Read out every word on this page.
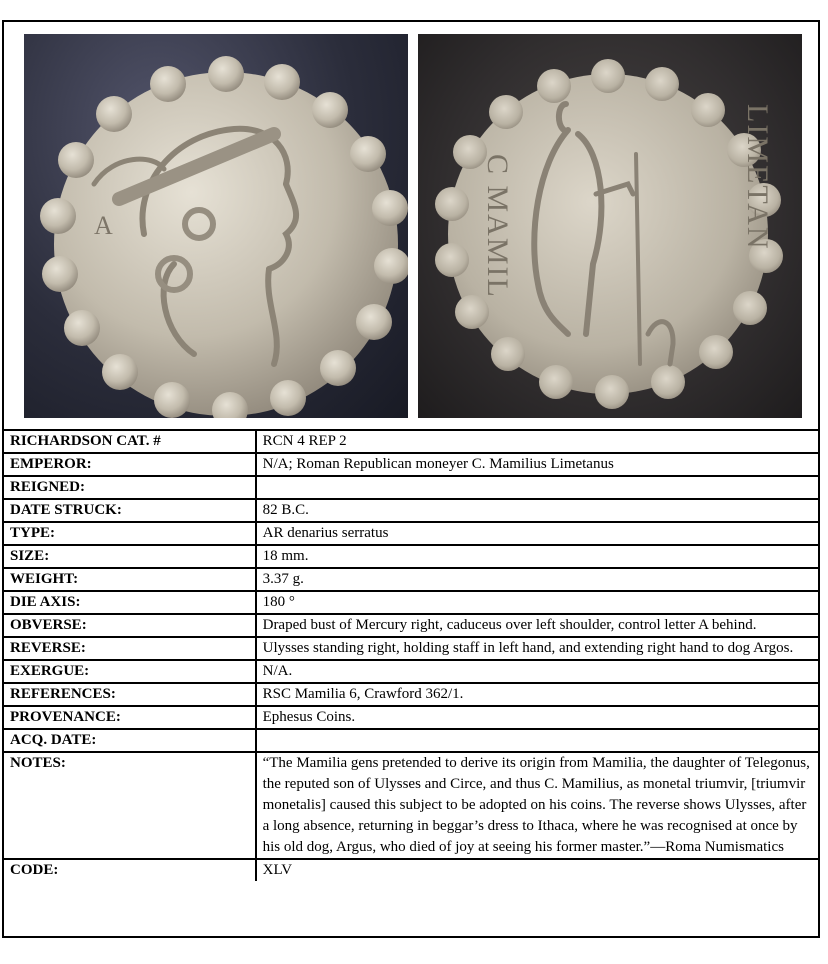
A	C MAMIL	LIMETAN
RICHARDSON CAT. #	RCN 4 REP 2
EMPEROR:	N/A; Roman Republican moneyer C. Mamilius Limetanus
REIGNED:	
DATE STRUCK:	82 B.C.
TYPE:	AR denarius serratus
SIZE:	18 mm.
WEIGHT:	3.37 g.
DIE AXIS:	180 °
OBVERSE:	Draped bust of Mercury right, caduceus over left shoulder, control letter A behind.
REVERSE:	Ulysses standing right, holding staff in left hand, and extending right hand to dog Argos.
EXERGUE:	N/A.
REFERENCES:	RSC Mamilia 6, Crawford 362/1.
PROVENANCE:	Ephesus Coins.
ACQ. DATE:	
NOTES:	“The Mamilia gens pretended to derive its origin from Mamilia, the daughter of Telegonus, the reputed son of Ulysses and Circe, and thus C. Mamilius, as monetal triumvir, [triumvir monetalis] caused this subject to be adopted on his coins. The reverse shows Ulysses, after a long absence, returning in beggar’s dress to Ithaca, where he was recognised at once by his old dog, Argus, who died of joy at seeing his former master.”—Roma Numismatics
CODE:	XLV
